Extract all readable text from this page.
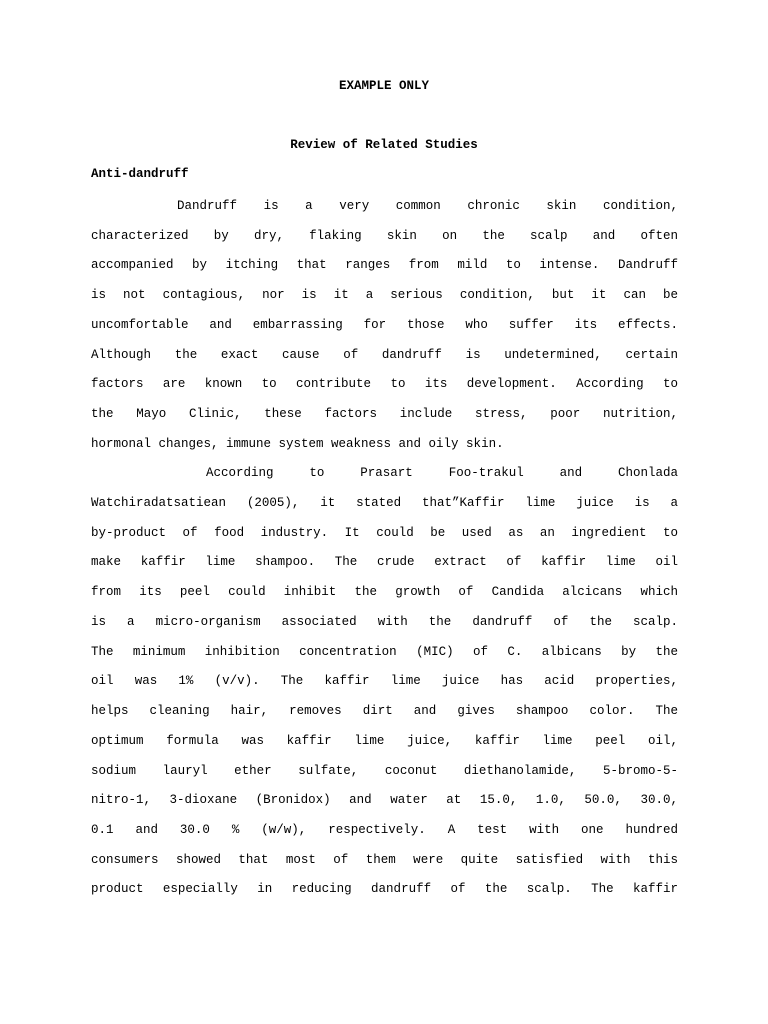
EXAMPLE ONLY
Review of Related Studies
Anti-dandruff
Dandruff is a very common chronic skin condition,
characterized by dry, flaking skin on the scalp and often
accompanied by itching that ranges from mild to intense. Dandruff
is not contagious, nor is it a serious condition, but it can be
uncomfortable and embarrassing for those who suffer its effects.
Although the exact cause of dandruff is undetermined, certain
factors are known to contribute to its development. According to
the Mayo Clinic, these factors include stress, poor nutrition,
hormonal changes, immune system weakness and oily skin.
According to Prasart Foo-trakul and Chonlada
Watchiradatsatiean (2005), it stated that”Kaffir lime juice is a
by-product of food industry. It could be used as an ingredient to
make kaffir lime shampoo. The crude extract of kaffir lime oil
from its peel could inhibit the growth of Candida alcicans which
is a micro-organism associated with the dandruff of the scalp.
The minimum inhibition concentration (MIC) of C. albicans by the
oil was 1% (v/v). The kaffir lime juice has acid properties,
helps cleaning hair, removes dirt and gives shampoo color. The
optimum formula was kaffir lime juice, kaffir lime peel oil,
sodium lauryl ether sulfate, coconut diethanolamide, 5-bromo-5-
nitro-1, 3-dioxane (Bronidox) and water at 15.0, 1.0, 50.0, 30.0,
0.1 and 30.0 % (w/w), respectively. A test with one hundred
consumers showed that most of them were quite satisfied with this
product especially in reducing dandruff of the scalp. The kaffir
